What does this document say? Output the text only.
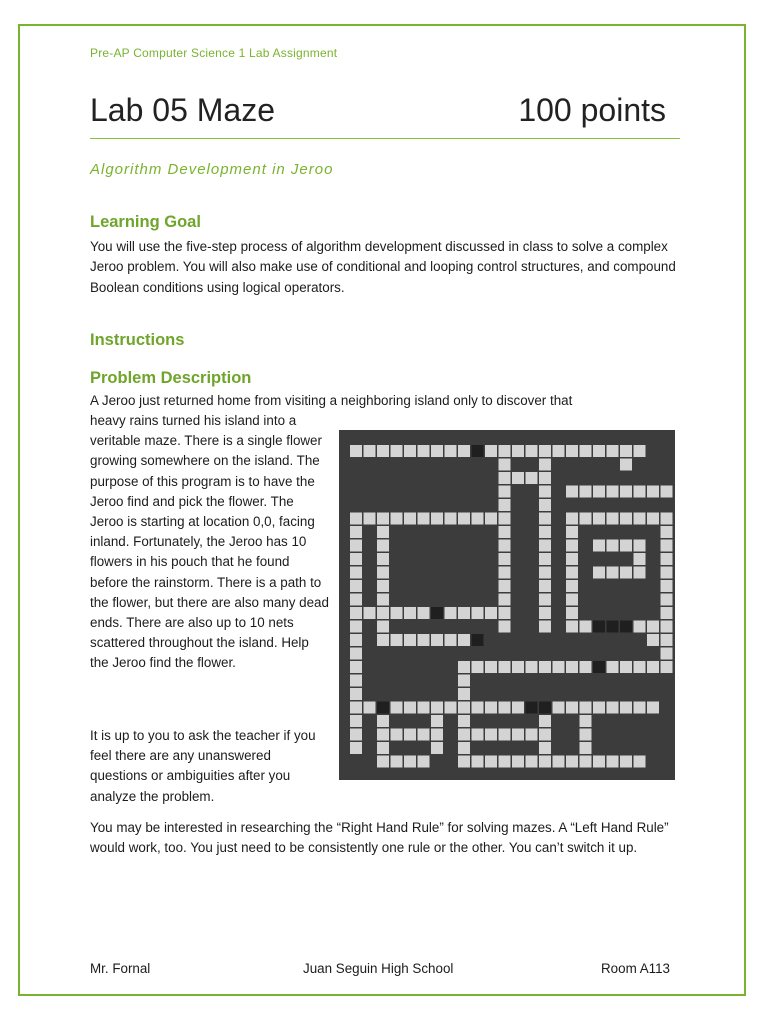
Pre-AP Computer Science 1 Lab Assignment
Lab 05 Maze	100 points
Algorithm Development in Jeroo
Learning Goal
You will use the five-step process of algorithm development discussed in class to solve a complex Jeroo problem. You will also make use of conditional and looping control structures, and compound Boolean conditions using logical operators.
Instructions
Problem Description
A Jeroo just returned home from visiting a neighboring island only to discover that
heavy rains turned his island into a veritable maze. There is a single flower growing somewhere on the island. The purpose of this program is to have the Jeroo find and pick the flower. The Jeroo is starting at location 0,0, facing inland. Fortunately, the Jeroo has 10 flowers in his pouch that he found before the rainstorm. There is a path to the flower, but there are also many dead ends. There are also up to 10 nets scattered throughout the island. Help the Jeroo find the flower.
It is up to you to ask the teacher if you feel there are any unanswered questions or ambiguities after you analyze the problem.
You may be interested in researching the “Right Hand Rule” for solving mazes. A “Left Hand Rule” would work, too. You just need to be consistently one rule or the other. You can’t switch it up.
Mr. Fornal	Juan Seguin High School	Room A113
